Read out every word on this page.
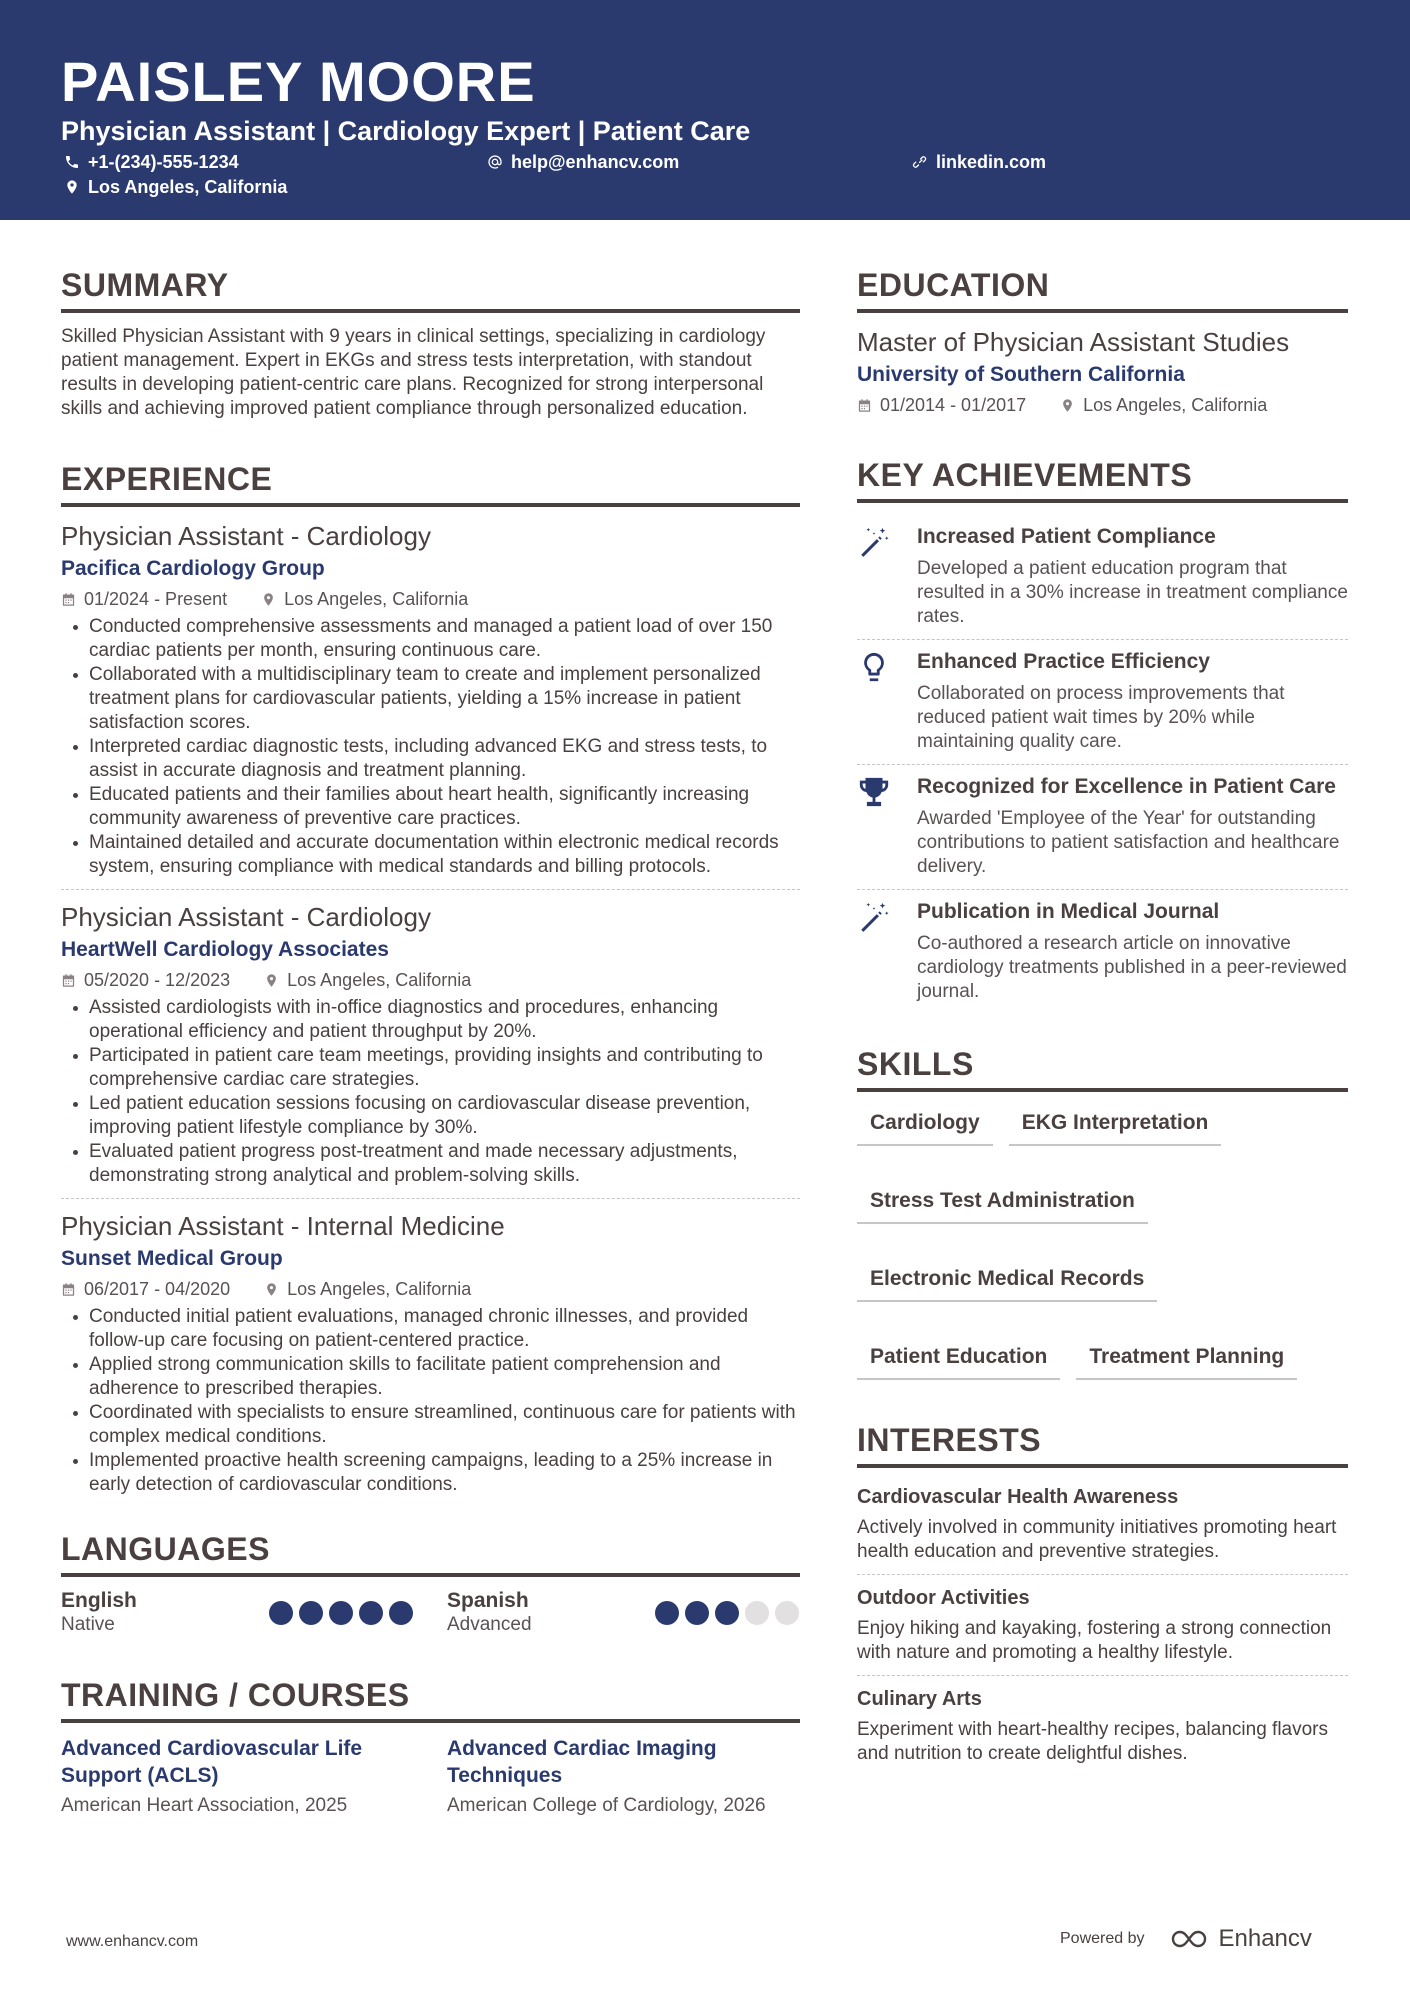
PAISLEY MOORE
Physician Assistant | Cardiology Expert | Patient Care
+1-(234)-555-1234	help@enhancv.com	linkedin.com
Los Angeles, California
SUMMARY
Skilled Physician Assistant with 9 years in clinical settings, specializing in cardiology patient management. Expert in EKGs and stress tests interpretation, with standout results in developing patient-centric care plans. Recognized for strong interpersonal skills and achieving improved patient compliance through personalized education.
EXPERIENCE
Physician Assistant - Cardiology
Pacifica Cardiology Group
01/2024 - Present	Los Angeles, California
Conducted comprehensive assessments and managed a patient load of over 150 cardiac patients per month, ensuring continuous care.
Collaborated with a multidisciplinary team to create and implement personalized treatment plans for cardiovascular patients, yielding a 15% increase in patient satisfaction scores.
Interpreted cardiac diagnostic tests, including advanced EKG and stress tests, to assist in accurate diagnosis and treatment planning.
Educated patients and their families about heart health, significantly increasing community awareness of preventive care practices.
Maintained detailed and accurate documentation within electronic medical records system, ensuring compliance with medical standards and billing protocols.
Physician Assistant - Cardiology
HeartWell Cardiology Associates
05/2020 - 12/2023	Los Angeles, California
Assisted cardiologists with in-office diagnostics and procedures, enhancing operational efficiency and patient throughput by 20%.
Participated in patient care team meetings, providing insights and contributing to comprehensive cardiac care strategies.
Led patient education sessions focusing on cardiovascular disease prevention, improving patient lifestyle compliance by 30%.
Evaluated patient progress post-treatment and made necessary adjustments, demonstrating strong analytical and problem-solving skills.
Physician Assistant - Internal Medicine
Sunset Medical Group
06/2017 - 04/2020	Los Angeles, California
Conducted initial patient evaluations, managed chronic illnesses, and provided follow-up care focusing on patient-centered practice.
Applied strong communication skills to facilitate patient comprehension and adherence to prescribed therapies.
Coordinated with specialists to ensure streamlined, continuous care for patients with complex medical conditions.
Implemented proactive health screening campaigns, leading to a 25% increase in early detection of cardiovascular conditions.
LANGUAGES
English
Native
Spanish
Advanced
TRAINING / COURSES
Advanced Cardiovascular Life Support (ACLS)
American Heart Association, 2025
Advanced Cardiac Imaging Techniques
American College of Cardiology, 2026
EDUCATION
Master of Physician Assistant Studies
University of Southern California
01/2014 - 01/2017	Los Angeles, California
KEY ACHIEVEMENTS
Increased Patient Compliance
Developed a patient education program that resulted in a 30% increase in treatment compliance rates.
Enhanced Practice Efficiency
Collaborated on process improvements that reduced patient wait times by 20% while maintaining quality care.
Recognized for Excellence in Patient Care
Awarded 'Employee of the Year' for outstanding contributions to patient satisfaction and healthcare delivery.
Publication in Medical Journal
Co-authored a research article on innovative cardiology treatments published in a peer-reviewed journal.
SKILLS
Cardiology	EKG Interpretation
Stress Test Administration
Electronic Medical Records
Patient Education	Treatment Planning
INTERESTS
Cardiovascular Health Awareness
Actively involved in community initiatives promoting heart health education and preventive strategies.
Outdoor Activities
Enjoy hiking and kayaking, fostering a strong connection with nature and promoting a healthy lifestyle.
Culinary Arts
Experiment with heart-healthy recipes, balancing flavors and nutrition to create delightful dishes.
www.enhancv.com	Powered by	Enhancv
